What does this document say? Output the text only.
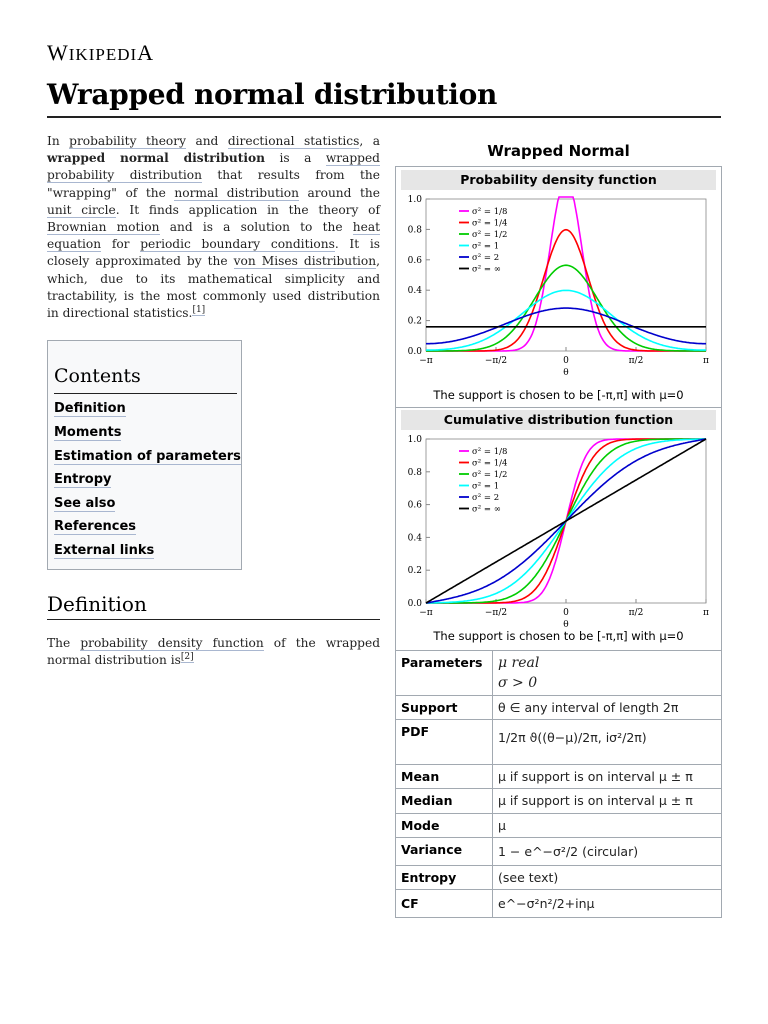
WIKIPEDIA
Wrapped normal distribution
In probability theory and directional statistics, a wrapped normal distribution is a wrapped probability distribution that results from the "wrapping" of the normal distribution around the unit circle. It finds application in the theory of Brownian motion and is a solution to the heat equation for periodic boundary conditions. It is closely approximated by the von Mises distribution, which, due to its mathematical simplicity and tractability, is the most commonly used distribution in directional statistics.[1]
Contents
Definition
Moments
Estimation of parameters
Entropy
See also
References
External links
Definition
The probability density function of the wrapped normal distribution is[2]
Wrapped Normal
Probability density function
0.0
0.2
0.4
0.6
0.8
1.0
−π	−π/2	0	π/2	π
θ
σ² = 1/8
σ² = 1/4
σ² = 1/2
σ² = 1
σ² = 2
σ² = ∞
The support is chosen to be [-π,π] with μ=0
Cumulative distribution function
0.0
0.2
0.4
0.6
0.8
1.0
−π	−π/2	0	π/2	π
θ
σ² = 1/8
σ² = 1/4
σ² = 1/2
σ² = 1
σ² = 2
σ² = ∞
The support is chosen to be [-π,π] with μ=0
Parameters μ real
σ > 0
Support	θ ∈ any interval of length 2π
PDF	1/2π ϑ((θ−μ)/2π, iσ²/2π)
Mean	μ if support is on interval μ ± π
Median	μ if support is on interval μ ± π
Mode	μ
Variance	1 − e^−σ²/2 (circular)
Entropy	(see text)
CF	e^−σ²n²/2+inμ
